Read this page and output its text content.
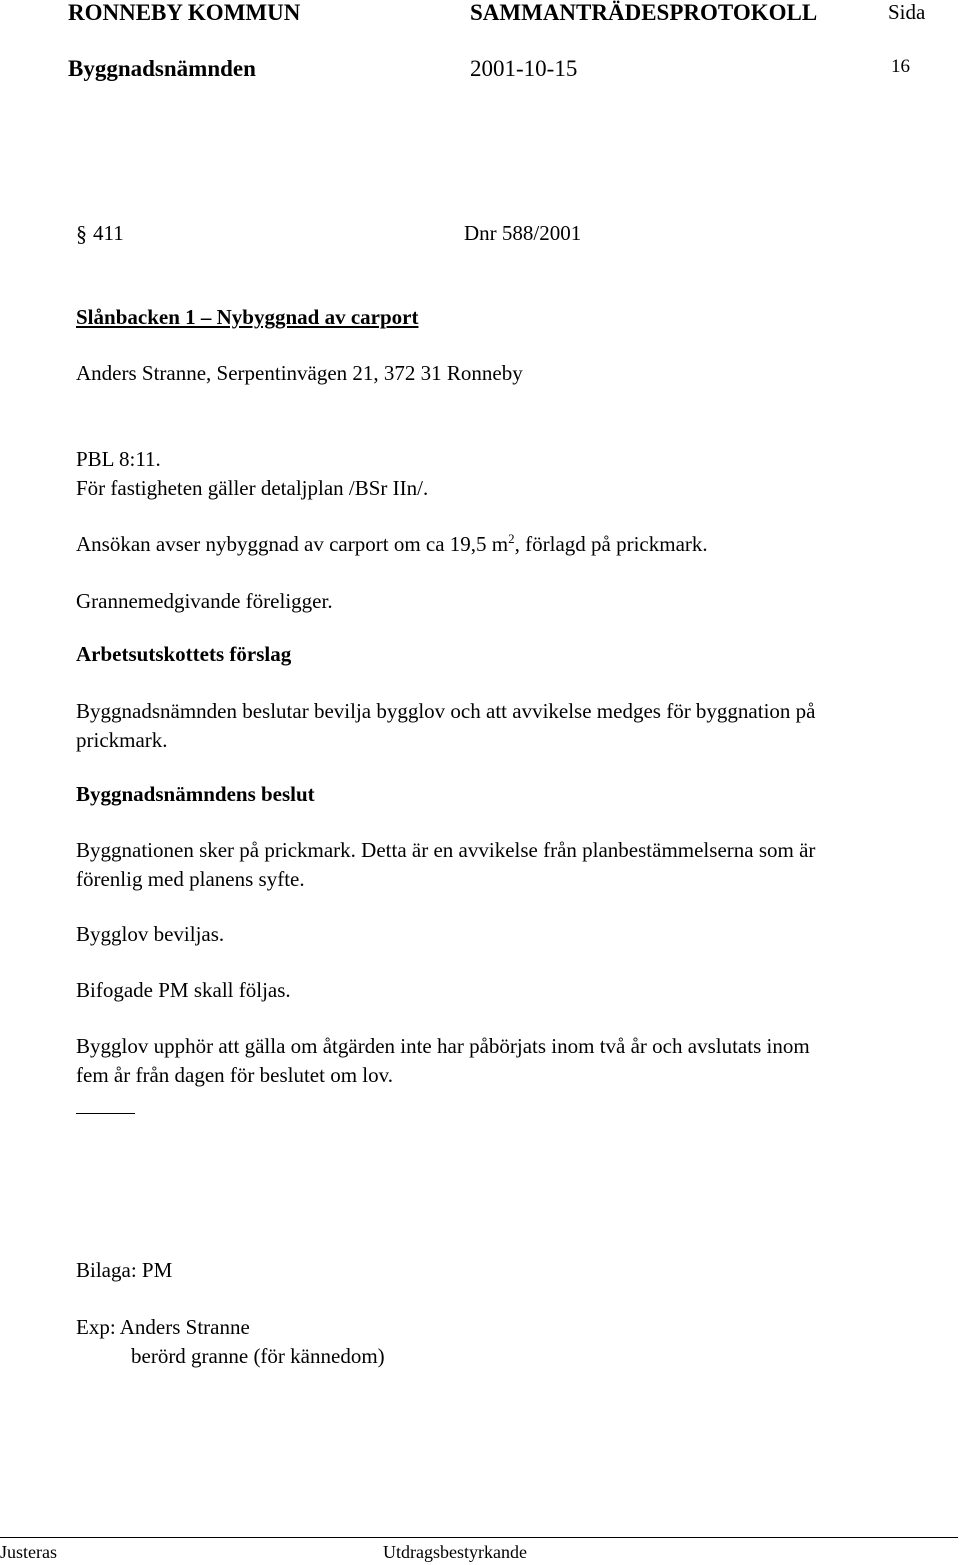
RONNEBY KOMMUN	SAMMANTRÄDESPROTOKOLL	Sida
Byggnadsnämnden	2001-10-15	16
§ 411	Dnr 588/2001
Slånbacken 1 – Nybyggnad av carport
Anders Stranne, Serpentinvägen 21, 372 31 Ronneby
PBL 8:11.
För fastigheten gäller detaljplan /BSr IIn/.
Ansökan avser nybyggnad av carport om ca 19,5 $m^2$, förlagd på prickmark.
Grannemedgivande föreligger.
Arbetsutskottets förslag
Byggnadsnämnden beslutar bevilja bygglov och att avvikelse medges för byggnation på
prickmark.
Byggnadsnämndens beslut
Byggnationen sker på prickmark. Detta är en avvikelse från planbestämmelserna som är
förenlig med planens syfte.
Bygglov beviljas.
Bifogade PM skall följas.
Bygglov upphör att gälla om åtgärden inte har påbörjats inom två år och avslutats inom
fem år från dagen för beslutet om lov.
Bilaga: PM
Exp: Anders Stranne
berörd granne (för kännedom)
Justeras	Utdragsbestyrkande
